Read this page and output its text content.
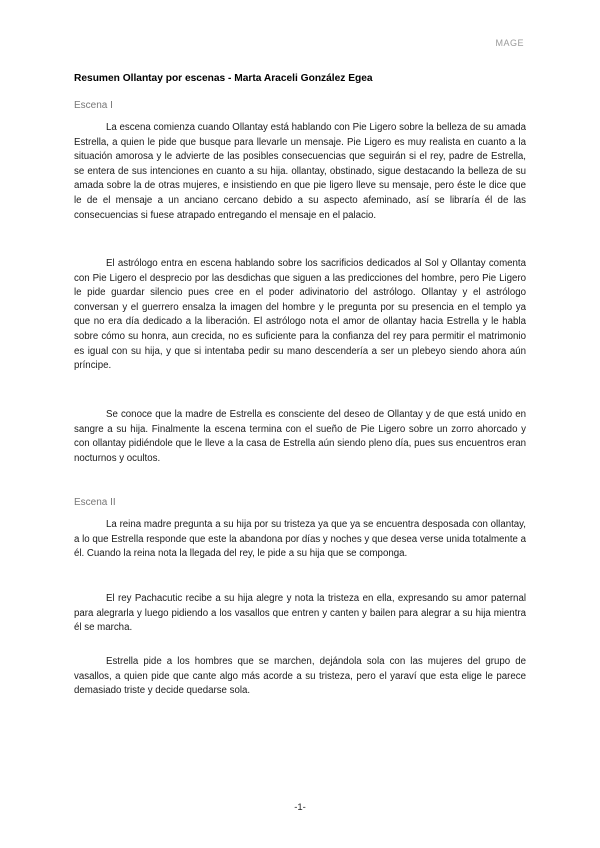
MAGE
Resumen Ollantay por escenas - Marta Araceli González Egea
Escena I

La escena comienza cuando Ollantay está hablando con Pie Ligero sobre la belleza de su amada Estrella, a quien le pide que busque para llevarle un mensaje. Pie Ligero es muy realista en cuanto a la situación amorosa y le advierte de las posibles consecuencias que seguirán si el rey, padre de Estrella, se entera de sus intenciones en cuanto a su hija. ollantay, obstinado, sigue destacando la belleza de su amada sobre la de otras mujeres, e insistiendo en que pie ligero lleve su mensaje, pero éste le dice que le de el mensaje a un anciano cercano debido a su aspecto afeminado, así se libraría él de las consecuencias si fuese atrapado entregando el mensaje en el palacio.

El astrólogo entra en escena hablando sobre los sacrificios dedicados al Sol y Ollantay comenta con Pie Ligero el desprecio por las desdichas que siguen a las predicciones del hombre, pero Pie Ligero le pide guardar silencio pues cree en el poder adivinatorio del astrólogo. Ollantay y el astrólogo conversan y el guerrero ensalza la imagen del hombre y le pregunta por su presencia en el templo ya que no era día dedicado a la liberación. El astrólogo nota el amor de ollantay hacia Estrella y le habla sobre cómo su honra, aun crecida, no es suficiente para la confianza del rey para permitir el matrimonio es igual con su hija, y que si intentaba pedir su mano descendería a ser un plebeyo siendo ahora aún príncipe.

Se conoce que la madre de Estrella es consciente del deseo de Ollantay y de que está unido en sangre a su hija. Finalmente la escena termina con el sueño de Pie Ligero sobre un zorro ahorcado y con ollantay pidiéndole que le lleve a la casa de Estrella aún siendo pleno día, pues sus encuentros eran nocturnos y ocultos.

Escena II

La reina madre pregunta a su hija por su tristeza ya que ya se encuentra desposada con ollantay, a lo que Estrella responde que este la abandona por días y noches y que desea verse unida totalmente a él. Cuando la reina nota la llegada del rey, le pide a su hija que se componga.

El rey Pachacutic recibe a su hija alegre y nota la tristeza en ella, expresando su amor paternal para alegrarla y luego pidiendo a los vasallos que entren y canten y bailen para alegrar a su hija mientra él se marcha.

Estrella pide a los hombres que se marchen, dejándola sola con las mujeres del grupo de vasallos, a quien pide que cante algo más acorde a su tristeza, pero el yaraví que esta elige le parece demasiado triste y decide quedarse sola.

-1-
